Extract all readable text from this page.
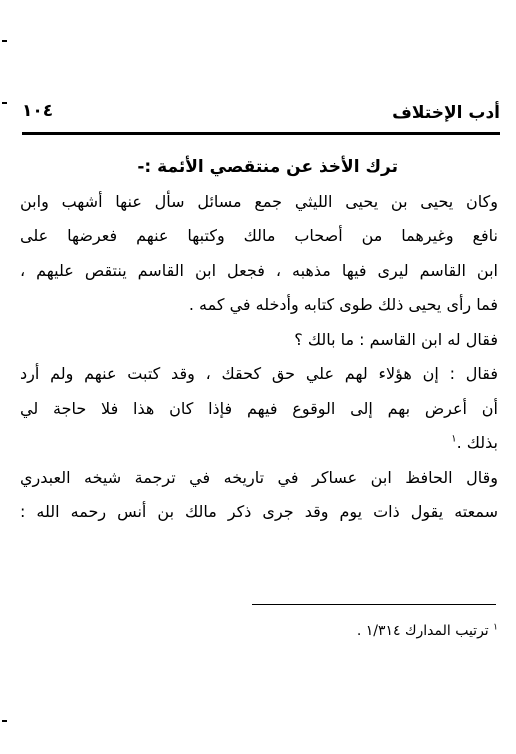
أدب الإختلاف
١٠٤
ترك الأخذ عن منتقصي الأئمة :-
وكان يحيى بن يحيى الليثي جمع مسائل سأل عنها أشهب وابن
نافع وغيرهما من أصحاب مالك وكتبها عنهم فعرضها على
ابن القاسم ليرى فيها مذهبه ، فجعل ابن القاسم ينتقص عليهم ،
فما رأى يحيى ذلك طوى كتابه وأدخله في كمه .
فقال له ابن القاسم : ما بالك ؟
فقال : إن هؤلاء لهم علي حق كحقك ، وقد كتبت عنهم ولم أرد
أن أعرض بهم إلى الوقوع فيهم فإذا كان هذا فلا حاجة لي
بذلك .$^١$
وقال الحافظ ابن عساكر في تاريخه في ترجمة شيخه العبدري
سمعته يقول ذات يوم وقد جرى ذكر مالك بن أنس رحمه الله :
$^١$ ترتيب المدارك ١/٣١٤ .
